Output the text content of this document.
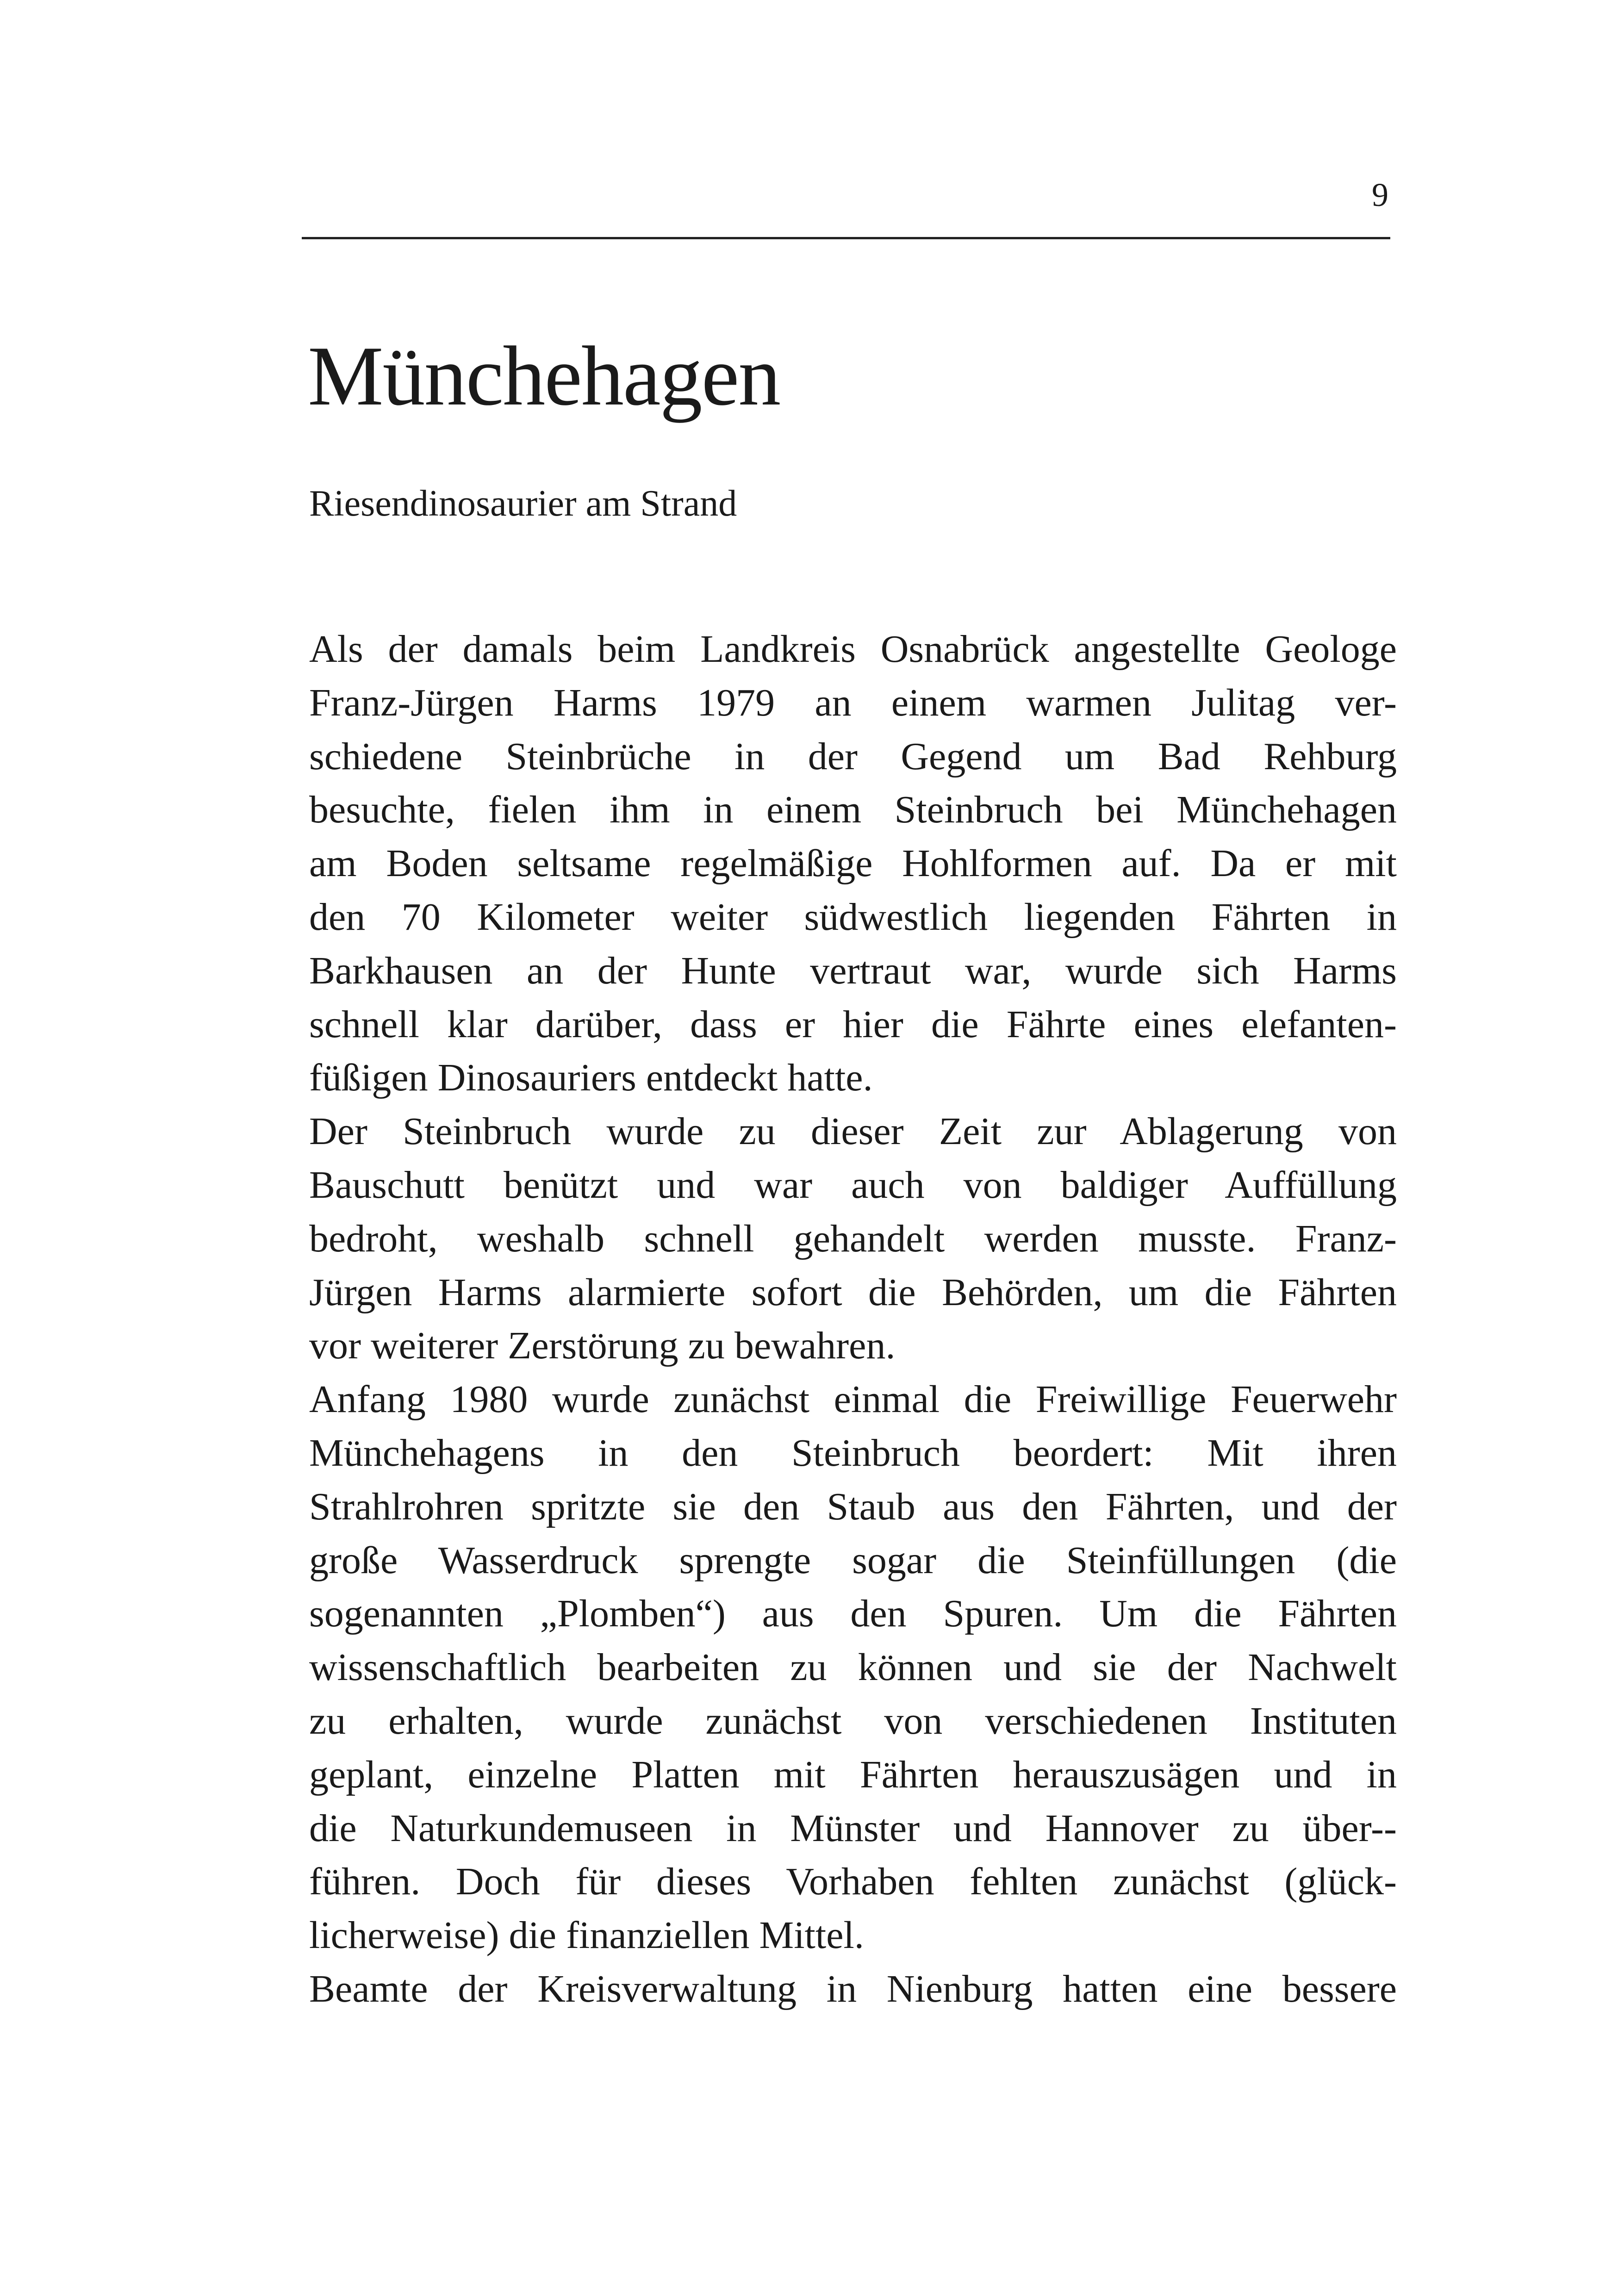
9
Münchehagen

Riesendinosaurier am Strand

Als der damals beim Landkreis Osnabrück angestellte Geologe
Franz-Jürgen Harms 1979 an einem warmen Julitag ver-
schiedene Steinbrüche in der Gegend um Bad Rehburg
besuchte, fielen ihm in einem Steinbruch bei Münchehagen
am Boden seltsame regelmäßige Hohlformen auf. Da er mit
den 70 Kilometer weiter südwestlich liegenden Fährten in
Barkhausen an der Hunte vertraut war, wurde sich Harms
schnell klar darüber, dass er hier die Fährte eines elefanten-
füßigen Dinosauriers entdeckt hatte.
Der Steinbruch wurde zu dieser Zeit zur Ablagerung von
Bauschutt benützt und war auch von baldiger Auffüllung
bedroht, weshalb schnell gehandelt werden musste. Franz-
Jürgen Harms alarmierte sofort die Behörden, um die Fährten
vor weiterer Zerstörung zu bewahren.
Anfang 1980 wurde zunächst einmal die Freiwillige Feuerwehr
Münchehagens in den Steinbruch beordert: Mit ihren
Strahlrohren spritzte sie den Staub aus den Fährten, und der
große Wasserdruck sprengte sogar die Steinfüllungen (die
sogenannten „Plomben“) aus den Spuren. Um die Fährten
wissenschaftlich bearbeiten zu können und sie der Nachwelt
zu erhalten, wurde zunächst von verschiedenen Instituten
geplant, einzelne Platten mit Fährten herauszusägen und in
die Naturkundemuseen in Münster und Hannover zu über--
führen. Doch für dieses Vorhaben fehlten zunächst (glück-
licherweise) die finanziellen Mittel.
Beamte der Kreisverwaltung in Nienburg hatten eine bessere
